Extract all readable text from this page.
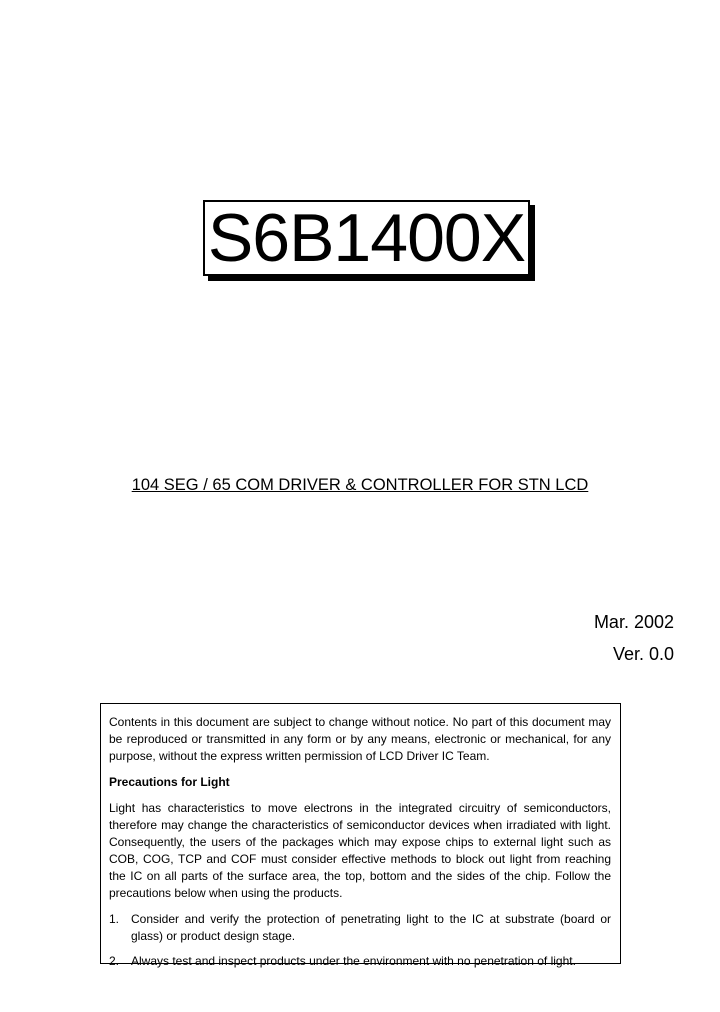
S6B1400X
104 SEG / 65 COM DRIVER & CONTROLLER FOR STN LCD
Mar. 2002
Ver. 0.0

Contents in this document are subject to change without notice. No part of this document may be reproduced or transmitted in any form or by any means, electronic or mechanical, for any purpose, without the express written permission of LCD Driver IC Team.

Precautions for Light

Light has characteristics to move electrons in the integrated circuitry of semiconductors, therefore may change the characteristics of semiconductor devices when irradiated with light. Consequently, the users of the packages which may expose chips to external light such as COB, COG, TCP and COF must consider effective methods to block out light from reaching the IC on all parts of the surface area, the top, bottom and the sides of the chip. Follow the precautions below when using the products.

1. Consider and verify the protection of penetrating light to the IC at substrate (board or glass) or product design stage.
2. Always test and inspect products under the environment with no penetration of light.
